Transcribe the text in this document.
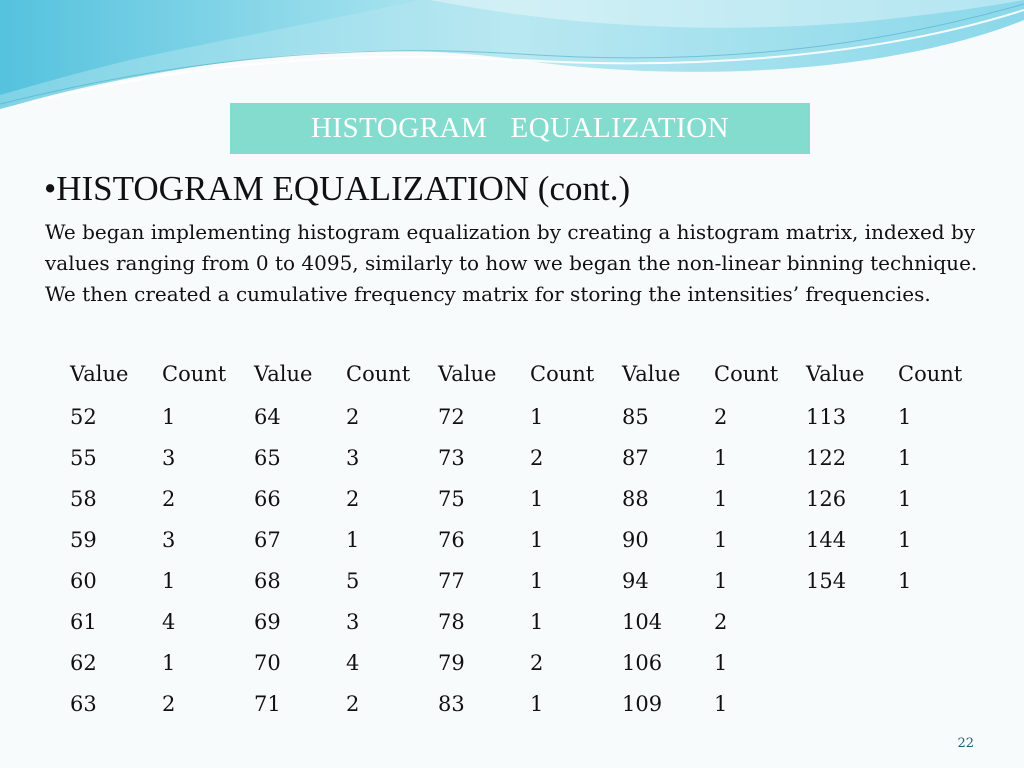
HISTOGRAM   EQUALIZATION
•HISTOGRAM EQUALIZATION (cont.)
We began implementing histogram equalization by creating a histogram matrix, indexed by values ranging from 0 to 4095, similarly to how we began the non-linear binning technique. We then created a cumulative frequency matrix for storing the intensities’ frequencies.
Value	Count	Value	Count	Value	Count	Value	Count	Value	Count
52	1	64	2	72	1	85	2	113	1
55	3	65	3	73	2	87	1	122	1
58	2	66	2	75	1	88	1	126	1
59	3	67	1	76	1	90	1	144	1
60	1	68	5	77	1	94	1	154	1
61	4	69	3	78	1	104	2		
62	1	70	4	79	2	106	1		
63	2	71	2	83	1	109	1		
22
